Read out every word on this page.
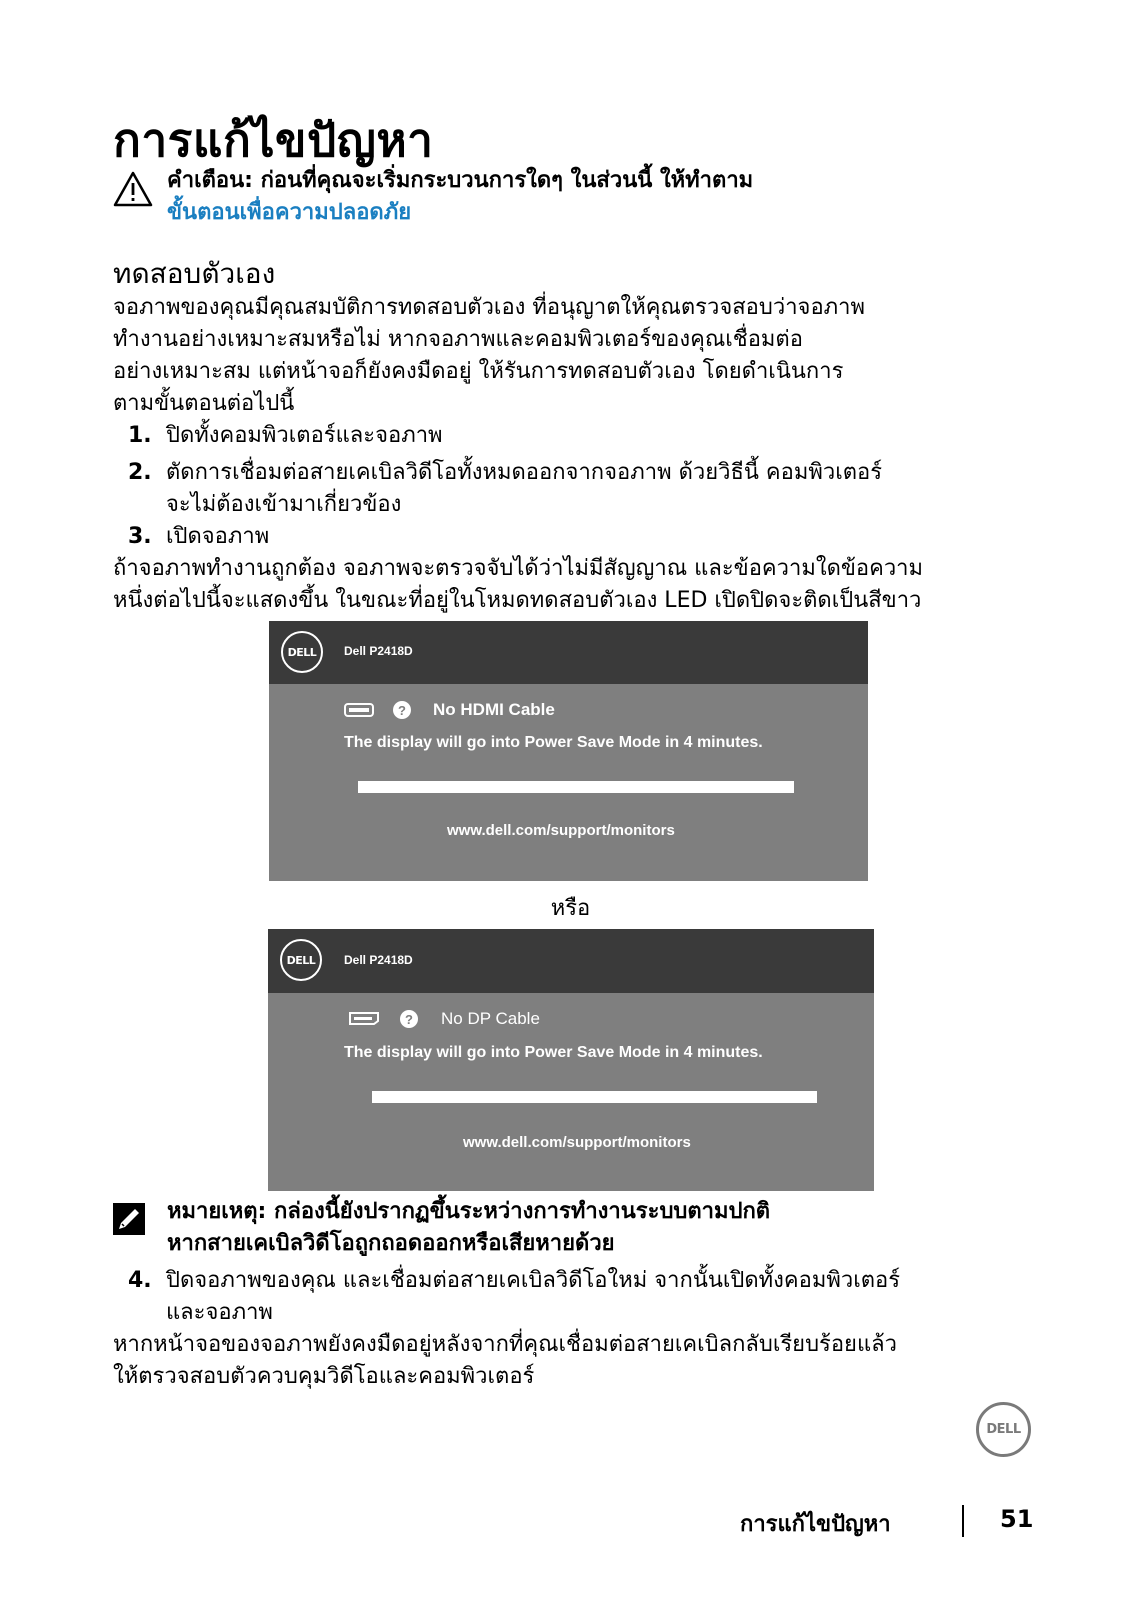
การแก้ไขปัญหา
คำเตือน: ก่อนที่คุณจะเริ่มกระบวนการใดๆ ในส่วนนี้ ให้ทำตาม
ขั้นตอนเพื่อความปลอดภัย
ทดสอบตัวเอง
จอภาพของคุณมีคุณสมบัติการทดสอบตัวเอง ที่อนุญาตให้คุณตรวจสอบว่าจอภาพ
ทำงานอย่างเหมาะสมหรือไม่ หากจอภาพและคอมพิวเตอร์ของคุณเชื่อมต่อ
อย่างเหมาะสม แต่หน้าจอก็ยังคงมืดอยู่ ให้รันการทดสอบตัวเอง โดยดำเนินการ
ตามขั้นตอนต่อไปนี้
1. ปิดทั้งคอมพิวเตอร์และจอภาพ
2. ตัดการเชื่อมต่อสายเคเบิลวิดีโอทั้งหมดออกจากจอภาพ ด้วยวิธีนี้ คอมพิวเตอร์
จะไม่ต้องเข้ามาเกี่ยวข้อง
3. เปิดจอภาพ
ถ้าจอภาพทำงานถูกต้อง จอภาพจะตรวจจับได้ว่าไม่มีสัญญาณ และข้อความใดข้อความ
หนึ่งต่อไปนี้จะแสดงขึ้น ในขณะที่อยู่ในโหมดทดสอบตัวเอง LED เปิดปิดจะติดเป็นสีขาว
DELL	Dell P2418D
? No HDMI Cable
The display will go into Power Save Mode in 4 minutes.
www.dell.com/support/monitors
หรือ
DELL	Dell P2418D
? No DP Cable
The display will go into Power Save Mode in 4 minutes.
www.dell.com/support/monitors
หมายเหตุ: กล่องนี้ยังปรากฏขึ้นระหว่างการทำงานระบบตามปกติ
หากสายเคเบิลวิดีโอถูกถอดออกหรือเสียหายด้วย
4. ปิดจอภาพของคุณ และเชื่อมต่อสายเคเบิลวิดีโอใหม่ จากนั้นเปิดทั้งคอมพิวเตอร์
และจอภาพ
หากหน้าจอของจอภาพยังคงมืดอยู่หลังจากที่คุณเชื่อมต่อสายเคเบิลกลับเรียบร้อยแล้ว
ให้ตรวจสอบตัวควบคุมวิดีโอและคอมพิวเตอร์
DELL
การแก้ไขปัญหา	51
